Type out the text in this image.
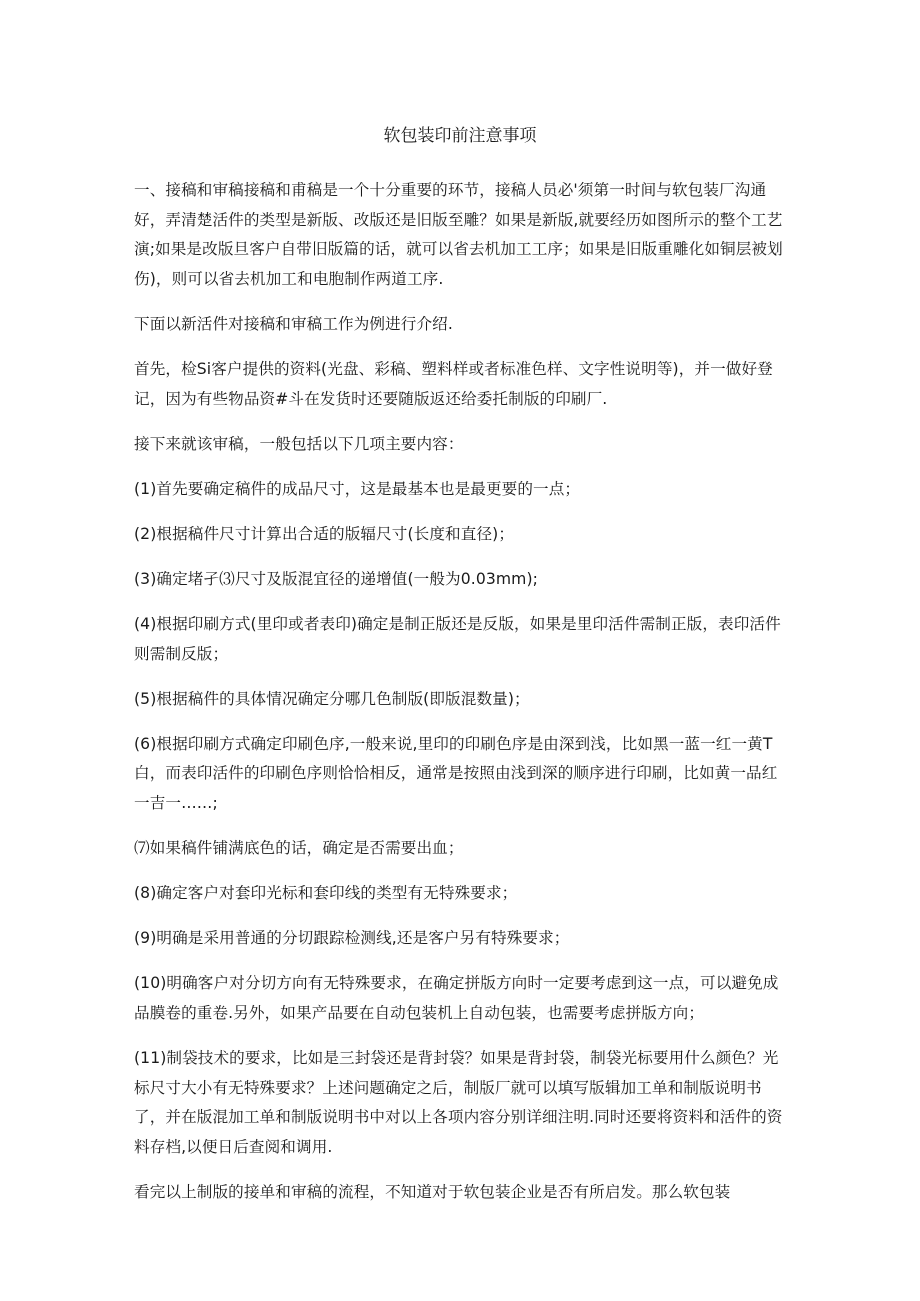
软包装印前注意事项

一、接稿和审稿接稿和甫稿是一个十分重要的环节，接稿人员必'须第一时间与软包装厂沟通好，弄清楚活件的类型是新版、改版还是旧版至雕？如果是新版,就要经历如图所示的整个工艺演;如果是改版旦客户自带旧版篇的话，就可以省去机加工工序；如果是旧版重雕化如铜层被划伤)，则可以省去机加工和电胞制作两道工序.

下面以新活件对接稿和审稿工作为例进行介绍.

首先，检Si客户提供的资料(光盘、彩稿、塑料样或者标准色样、文字性说明等)，并一做好登记，因为有些物品资#斗在发货时还要随版返还给委托制版的印刷厂.

接下来就该审稿，一般包括以下几项主要内容：

(1)首先要确定稿件的成品尺寸，这是最基本也是最更要的一点；

(2)根据稿件尺寸计算出合适的版辐尺寸(长度和直径)；

(3)确定堵孑⑶尺寸及版混宜径的递增值(一般为0.03mm);

(4)根据印刷方式(里印或者表印)确定是制正版还是反版，如果是里印活件需制正版，表印活件则需制反版；

(5)根据稿件的具体情况确定分哪几色制版(即版混数量)；

(6)根据印刷方式确定印刷色序,一般来说,里印的印刷色序是由深到浅，比如黑一蓝一红一黄T白，而表印活件的印刷色序则恰恰相反，通常是按照由浅到深的顺序进行印刷，比如黄一品红一吉一……;

⑺如果稿件铺满底色的话，确定是否需要出血；

(8)确定客户对套印光标和套印线的类型有无特殊要求；

(9)明确是采用普通的分切跟踪检测线,还是客户另有特殊要求；

(10)明确客户对分切方向有无特殊要求，在确定拼版方向时一定要考虑到这一点，可以避免成品膜卷的重卷.另外，如果产品要在自动包装机上自动包装，也需要考虑拼版方向；

(11)制袋技术的要求，比如是三封袋还是背封袋？如果是背封袋，制袋光标要用什么颜色？光标尺寸大小有无特殊要求？上述问题确定之后，制版厂就可以填写版辑加工单和制版说明书了，并在版混加工单和制版说明书中对以上各项内容分别详细注明.同时还要将资料和活件的资料存档,以便日后查阅和调用.

看完以上制版的接单和审稿的流程，不知道对于软包装企业是否有所启发。那么软包装
